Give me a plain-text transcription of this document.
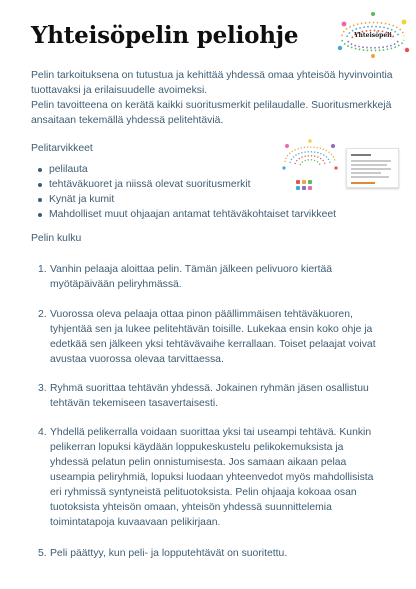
Yhteisöpelin peliohje	Yhteisöpeli

Pelin tarkoituksena on tutustua ja kehittää yhdessä omaa yhteisöä hyvinvointia tuottavaksi ja erilaisuudelle avoimeksi.

Pelin tavoitteena on kerätä kaikki suoritusmerkit pelilaudalle. Suoritusmerkkejä ansaitaan tekemällä yhdessä pelitehtäviä.

Pelitarvikkeet
pelilauta
tehtäväkuoret ja niissä olevat suoritusmerkit
Kynät ja kumit
Mahdolliset muut ohjaajan antamat tehtäväkohtaiset tarvikkeet
Pelin kulku
1. Vanhin pelaaja aloittaa pelin. Tämän jälkeen pelivuoro kiertää myötäpäivään peliryhmässä.
2. Vuorossa oleva pelaaja ottaa pinon päällimmäisen tehtäväkuoren, tyhjentää sen ja lukee pelitehtävän toisille. Lukekaa ensin koko ohje ja edetkää sen jälkeen yksi tehtävävaihe kerrallaan. Toiset pelaajat voivat avustaa vuorossa olevaa tarvittaessa.
3. Ryhmä suorittaa tehtävän yhdessä. Jokainen ryhmän jäsen osallistuu tehtävän tekemiseen tasavertaisesti.
4. Yhdellä pelikerralla voidaan suorittaa yksi tai useampi tehtävä. Kunkin pelikerran lopuksi käydään loppukeskustelu pelikokemuksista ja yhdessä pelatun pelin onnistumisesta. Jos samaan aikaan pelaa useampia peliryhmiä, lopuksi luodaan yhteenvedot myös mahdollisista eri ryhmissä syntyneistä pelituotoksista. Pelin ohjaaja kokoaa osan tuotoksista yhteisön omaan, yhteisön yhdessä suunnittelemia toimintatapoja kuvaavaan pelikirjaan.
5. Peli päättyy, kun peli- ja lopputehtävät on suoritettu.
